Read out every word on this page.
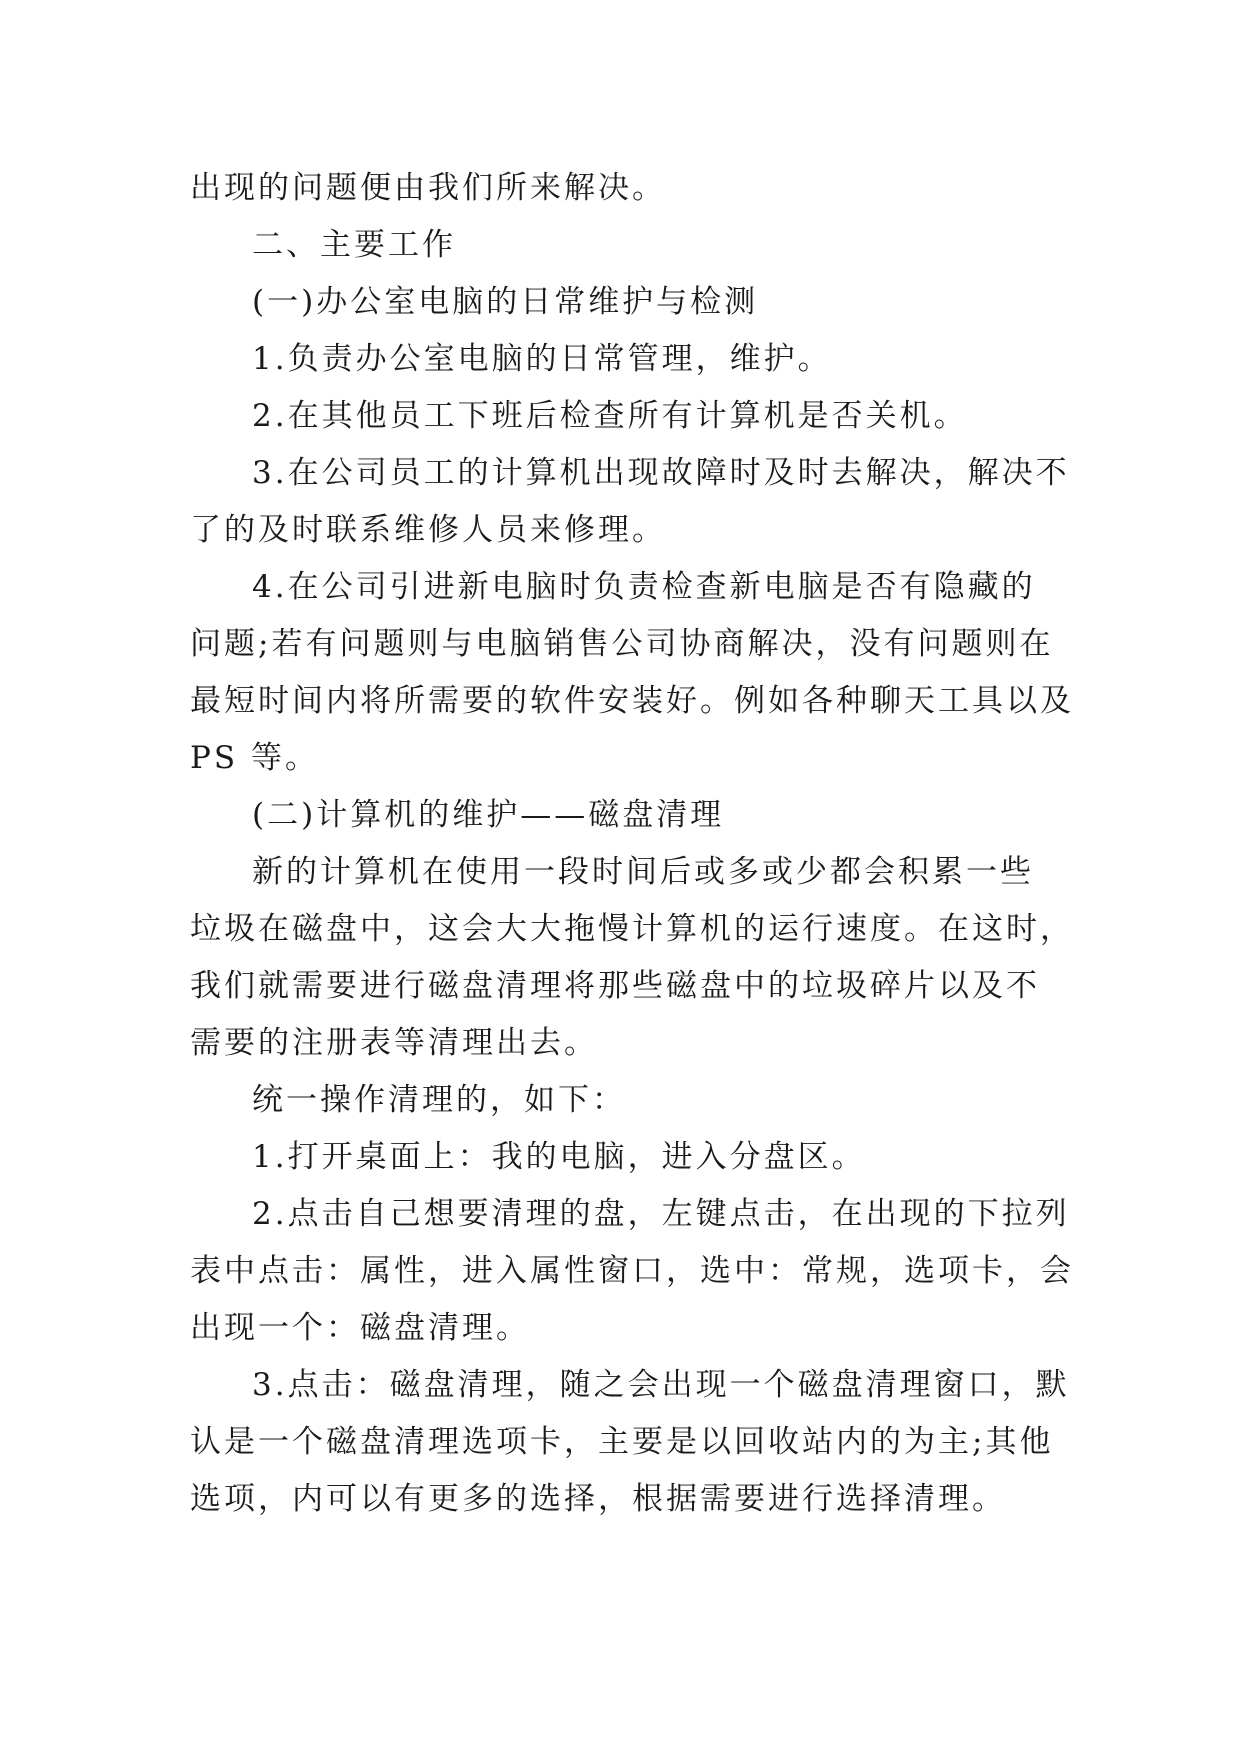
出现的问题便由我们所来解决。
二、主要工作
(一)办公室电脑的日常维护与检测
1.负责办公室电脑的日常管理，维护。
2.在其他员工下班后检查所有计算机是否关机。
3.在公司员工的计算机出现故障时及时去解决，解决不
了的及时联系维修人员来修理。
4.在公司引进新电脑时负责检查新电脑是否有隐藏的
问题;若有问题则与电脑销售公司协商解决，没有问题则在
最短时间内将所需要的软件安装好。例如各种聊天工具以及
PS 等。
(二)计算机的维护——磁盘清理
新的计算机在使用一段时间后或多或少都会积累一些
垃圾在磁盘中，这会大大拖慢计算机的运行速度。在这时，
我们就需要进行磁盘清理将那些磁盘中的垃圾碎片以及不
需要的注册表等清理出去。
统一操作清理的，如下：
1.打开桌面上：我的电脑，进入分盘区。
2.点击自己想要清理的盘，左键点击，在出现的下拉列
表中点击：属性，进入属性窗口，选中：常规，选项卡，会
出现一个：磁盘清理。
3.点击：磁盘清理，随之会出现一个磁盘清理窗口，默
认是一个磁盘清理选项卡，主要是以回收站内的为主;其他
选项，内可以有更多的选择，根据需要进行选择清理。
